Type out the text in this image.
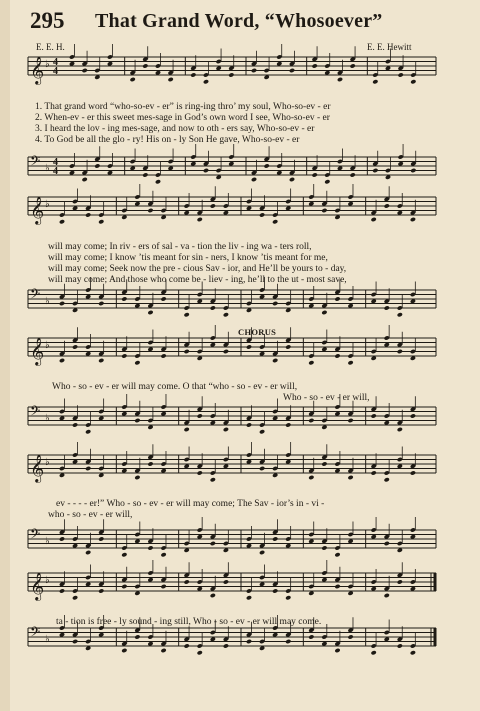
295 That Grand Word, “Whosoever”
E. E. H.	E. E. Hewitt
𝄞 ♭ 4
4
𝄢 ♭
4
4
𝄞 ♭
𝄢 ♭
𝄞 ♭
𝄢 ♭
𝄞 ♭
𝄢 ♭
𝄞 ♭
𝄢 ♭
1. That grand word “who-so-ev - er” is ring-ing thro’ my soul, Who-so-ev - er
2. When-ev - er this sweet mes-sage in God’s own word I see, Who-so-ev - er
3. I heard the lov - ing mes-sage, and now to oth - ers say, Who-so-ev - er
4. To God be all the glo - ry! His on - ly Son He gave, Who-so-ev - er
will may come; In riv - ers of sal - va - tion the liv - ing wa - ters roll,
will may come; I know ’tis meant for sin - ners, I know ’tis meant for me,
will may come; Seek now the pre - cious Sav - ior, and He’ll be yours to - day,
will may come; And those who come be - liev - ing, he’ll to the ut - most save,
CHORUS
Who - so - ev - er will may come. O that “who - so - ev - er will,
Who - so - ev - er will,
ev - - - - er!” Who - so - ev - er will may come; The Sav - ior’s in - vi -
who - so - ev - er will,
ta - tion is free - ly sound - ing still, Who - so - ev - er will may come.
